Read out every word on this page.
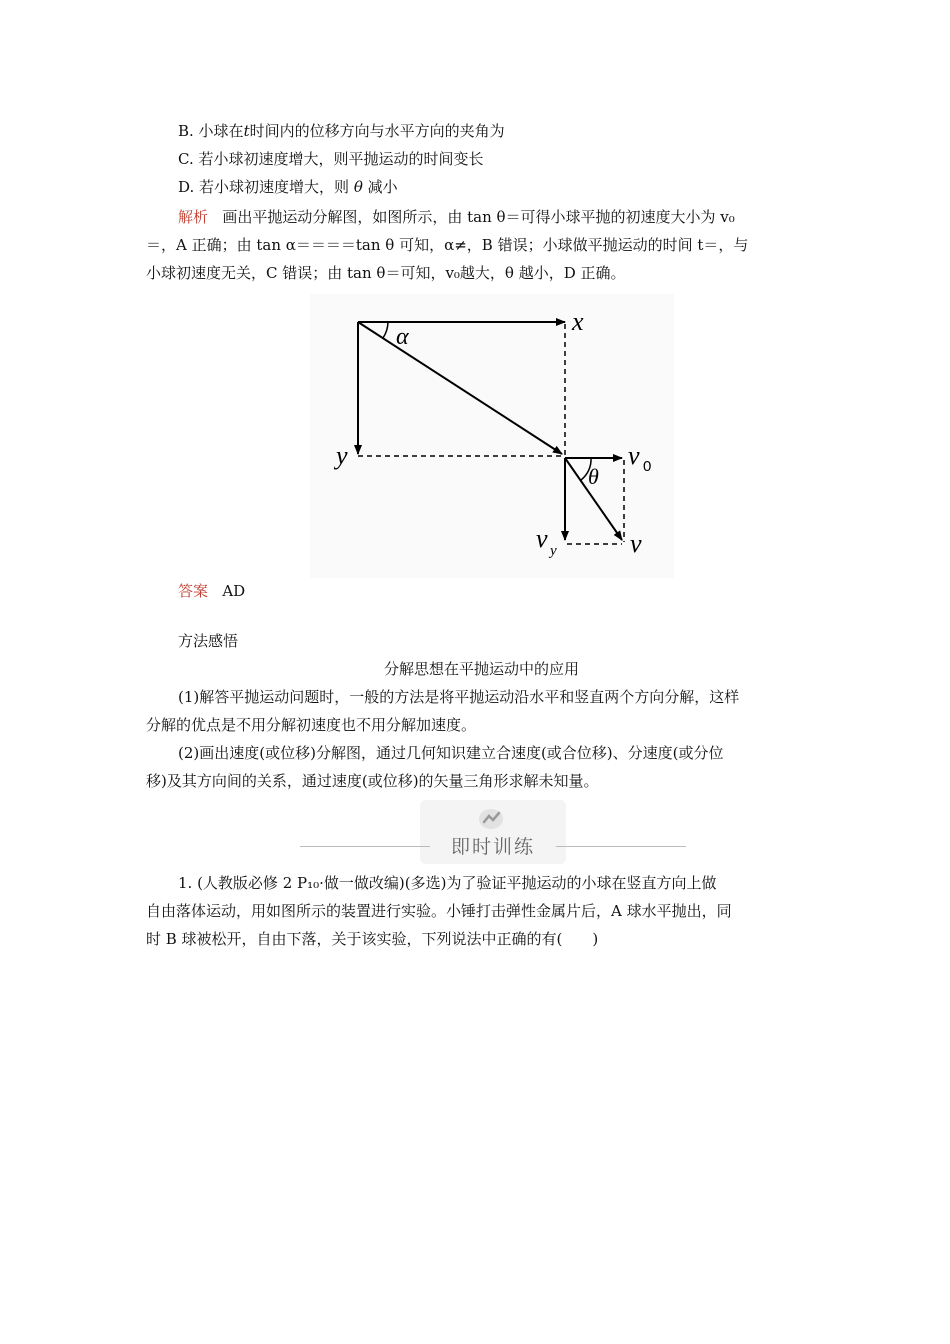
B. 小球在t时间内的位移方向与水平方向的夹角为
C. 若小球初速度增大，则平抛运动的时间变长
D. 若小球初速度增大，则 θ 减小
解析 画出平抛运动分解图，如图所示，由 tan θ＝可得小球平抛的初速度大小为 v₀
＝，A 正确；由 tan α＝＝＝＝tan θ 可知，α≠，B 错误；小球做平抛运动的时间 t＝，与
小球初速度无关，C 错误；由 tan θ＝可知，v₀越大，θ 越小，D 正确。
x
y
α
θ
v 0
v y	v
答案 AD
方法感悟
分解思想在平抛运动中的应用
(1)解答平抛运动问题时，一般的方法是将平抛运动沿水平和竖直两个方向分解，这样
分解的优点是不用分解初速度也不用分解加速度。
(2)画出速度(或位移)分解图，通过几何知识建立合速度(或合位移)、分速度(或分位
移)及其方向间的关系，通过速度(或位移)的矢量三角形求解未知量。
即时训练
1. (人教版必修 2 P₁₀·做一做改编)(多选)为了验证平抛运动的小球在竖直方向上做
自由落体运动，用如图所示的装置进行实验。小锤打击弹性金属片后，A 球水平抛出，同
时 B 球被松开，自由下落，关于该实验，下列说法中正确的有(　　)
